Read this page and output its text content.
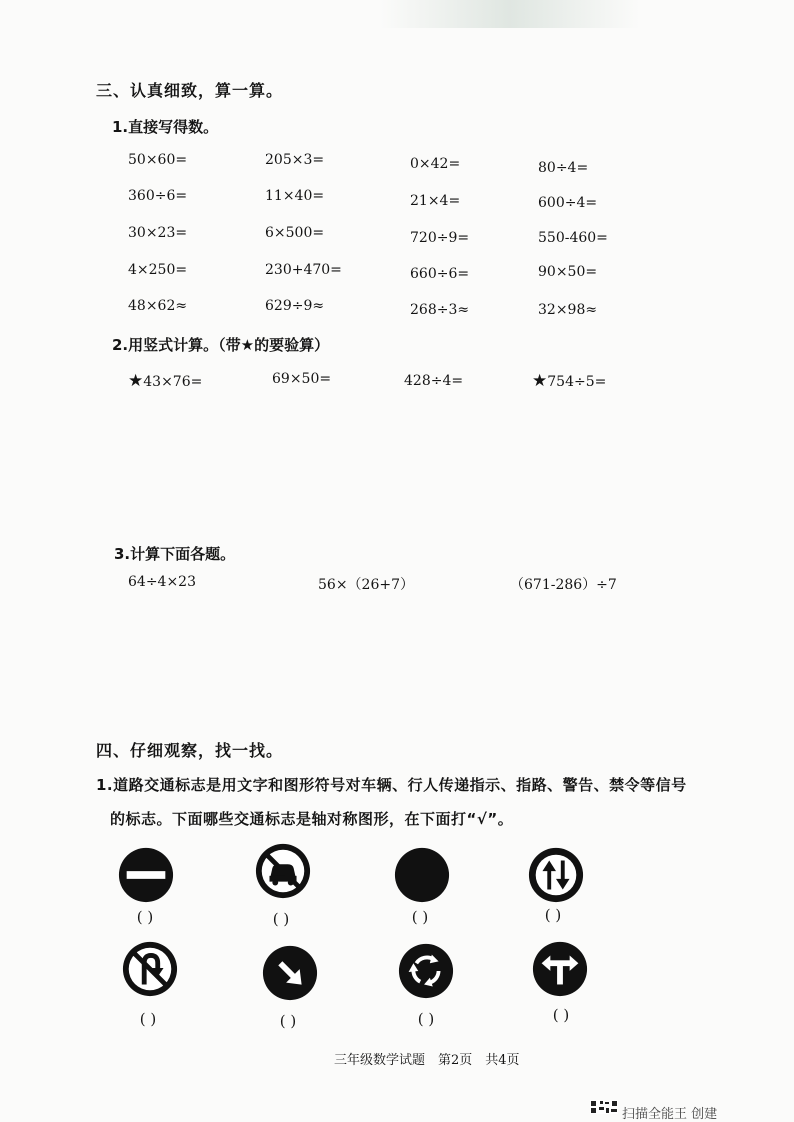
三、认真细致，算一算。
1.直接写得数。
50×60=	205×3=	0×42=	80÷4=
360÷6=	11×40=	21×4=	600÷4=
30×23=	6×500=	720÷9=	550-460=
4×250=	230+470=	660÷6=	90×50=
48×62≈	629÷9≈	268÷3≈	32×98≈
2.用竖式计算。（带★的要验算）
★43×76=	69×50=	428÷4=	★754÷5=
3.计算下面各题。
64÷4×23	56×（26+7）	（671-286）÷7
四、仔细观察，找一找。
1.道路交通标志是用文字和图形符号对车辆、行人传递指示、指路、警告、禁令等信号
的标志。下面哪些交通标志是轴对称图形，在下面打“√”。
( )	( )	( )	( )
( )	( )	( )	( )
三年级数学试题　第2页　共4页
扫描全能王 创建
